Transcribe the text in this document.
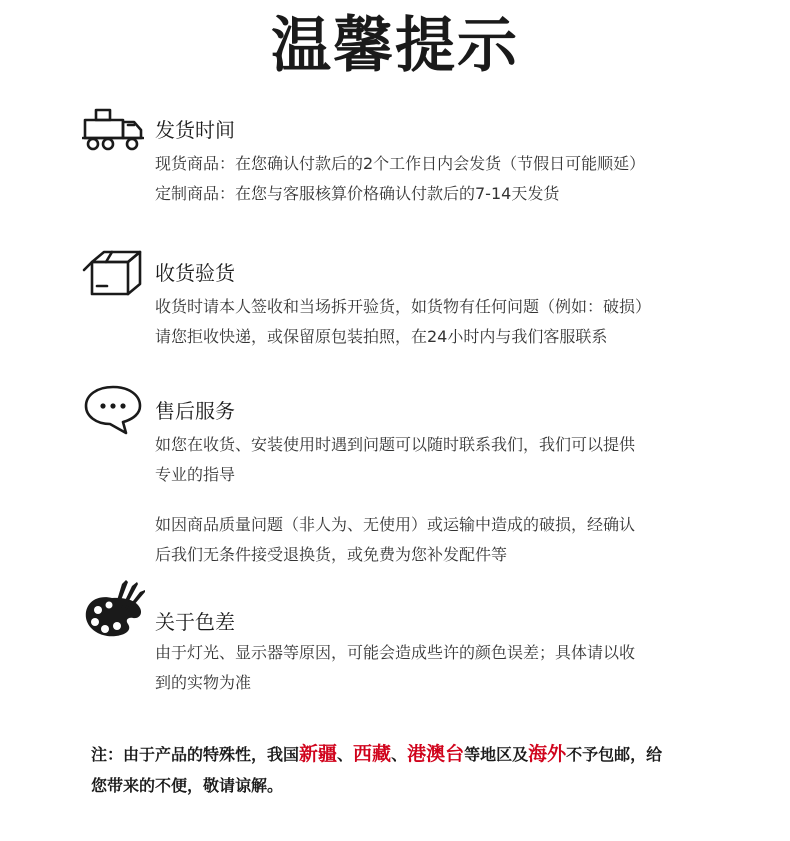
温馨提示
发货时间

现货商品：在您确认付款后的2个工作日内会发货（节假日可能顺延）

定制商品：在您与客服核算价格确认付款后的7-14天发货

收货验货

收货时请本人签收和当场拆开验货，如货物有任何问题（例如：破损）

请您拒收快递，或保留原包装拍照，在24小时内与我们客服联系

售后服务

如您在收货、安装使用时遇到问题可以随时联系我们，我们可以提供

专业的指导

如因商品质量问题（非人为、无使用）或运输中造成的破损，经确认

后我们无条件接受退换货，或免费为您补发配件等

关于色差

由于灯光、显示器等原因，可能会造成些许的颜色误差；具体请以收

到的实物为准

注：由于产品的特殊性，我国新疆、西藏、港澳台等地区及海外不予包邮，给
您带来的不便，敬请谅解。
